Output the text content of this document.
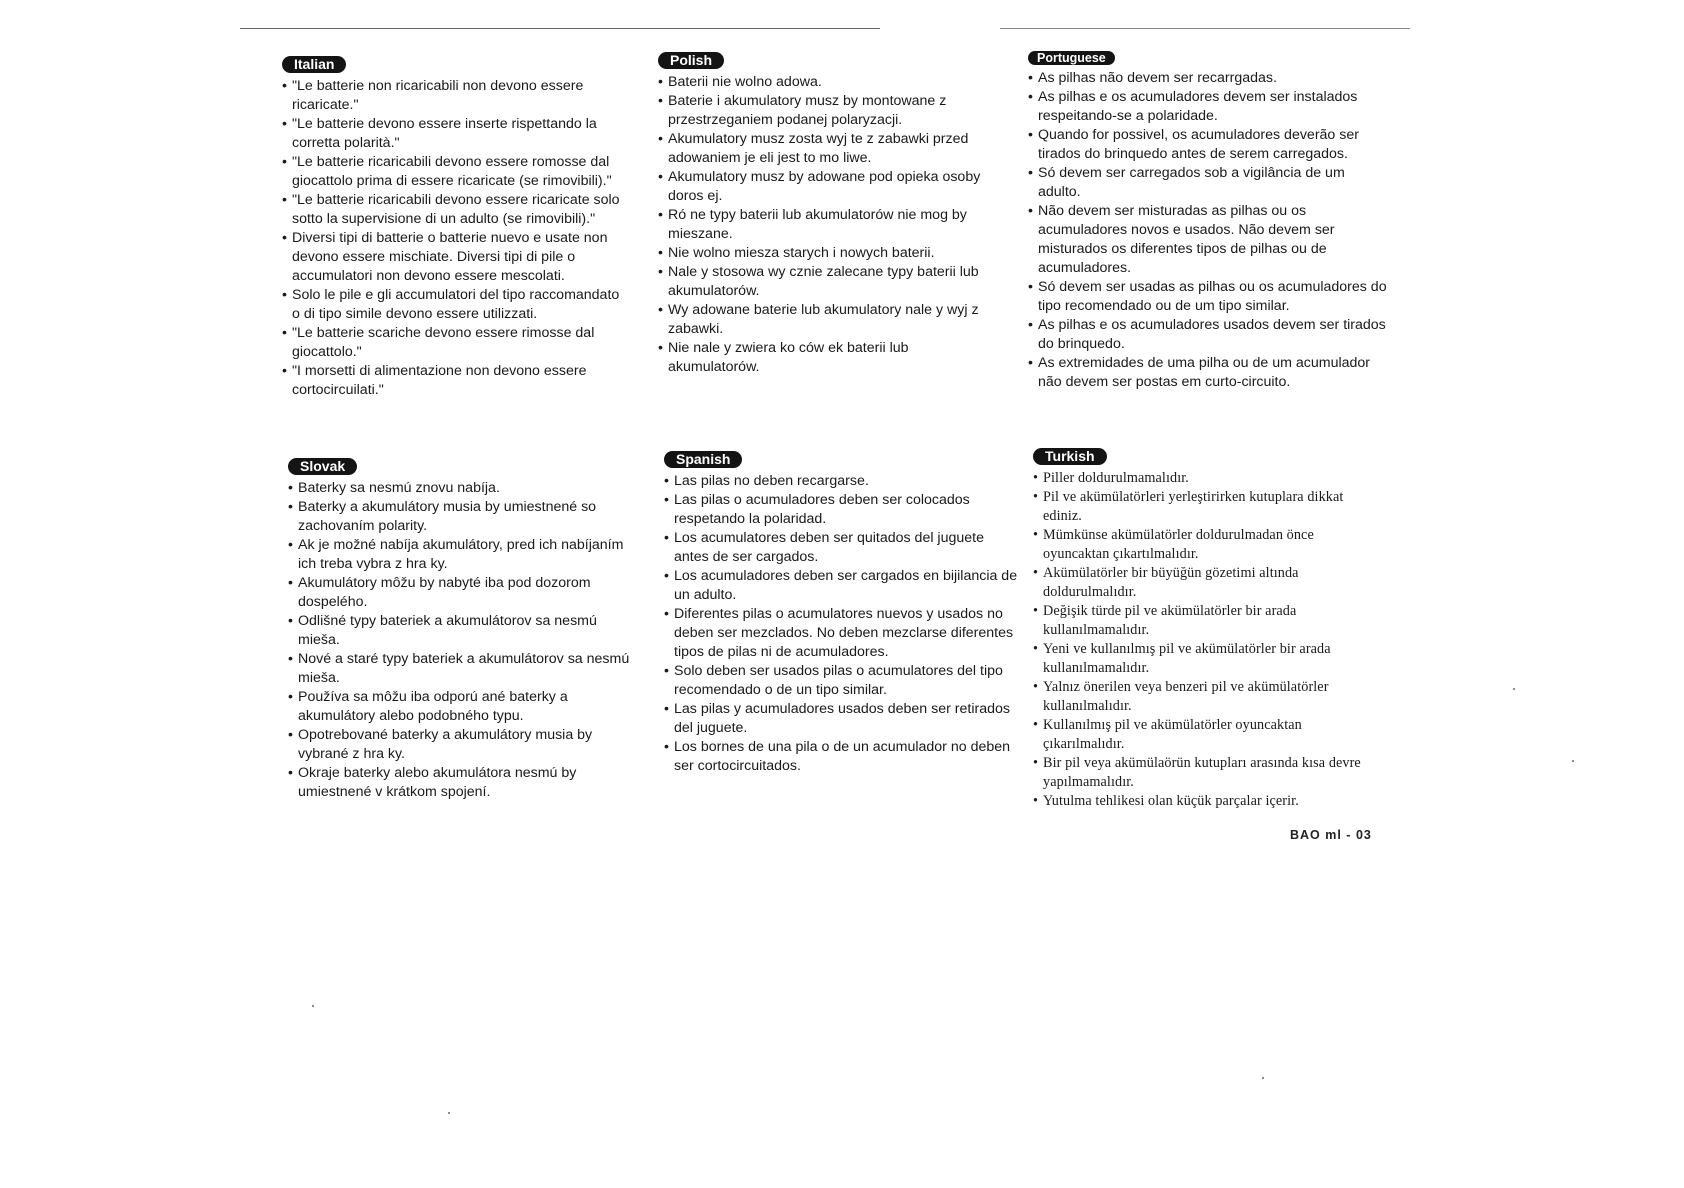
Italian
• "Le batterie non ricaricabili non devono essere ricaricate."
• "Le batterie devono essere inserte rispettando la corretta polarità."
• "Le batterie ricaricabili devono essere romosse dal giocattolo prima di essere ricaricate (se rimovibili)."
• "Le batterie ricaricabili devono essere ricaricate solo sotto la supervisione di un adulto (se rimovibili)."
• Diversi tipi di batterie o batterie nuevo e usate non devono essere mischiate. Diversi tipi di pile o accumulatori non devono essere mescolati.
• Solo le pile e gli accumulatori del tipo raccomandato o di tipo simile devono essere utilizzati.
• "Le batterie scariche devono essere rimosse dal giocattolo."
• "I morsetti di alimentazione non devono essere cortocircuilati."
Polish
• Baterii nie wolno adowa.
• Baterie i akumulatory musz by montowane z przestrzeganiem podanej polaryzacji.
• Akumulatory musz zosta wyj te z zabawki przed adowaniem je eli jest to mo liwe.
• Akumulatory musz by adowane pod opieka osoby doros ej.
• Ró ne typy baterii lub akumulatorów nie mog by mieszane.
• Nie wolno miesza starych i nowych baterii.
• Nale y stosowa wy cznie zalecane typy baterii lub akumulatorów.
• Wy adowane baterie lub akumulatory nale y wyj z zabawki.
• Nie nale y zwiera ko ców ek baterii lub akumulatorów.
Portuguese
• As pilhas não devem ser recarrgadas.
• As pilhas e os acumuladores devem ser instalados respeitando-se a polaridade.
• Quando for possivel, os acumuladores deverão ser tirados do brinquedo antes de serem carregados.
• Só devem ser carregados sob a vigilância de um adulto.
• Não devem ser misturadas as pilhas ou os acumuladores novos e usados. Não devem ser misturados os diferentes tipos de pilhas ou de acumuladores.
• Só devem ser usadas as pilhas ou os acumuladores do tipo recomendado ou de um tipo similar.
• As pilhas e os acumuladores usados devem ser tirados do brinquedo.
• As extremidades de uma pilha ou de um acumulador não devem ser postas em curto-circuito.
Slovak
• Baterky sa nesmú znovu nabíja.
• Baterky a akumulátory musia by umiestnené so zachovaním polarity.
• Ak je možné nabíja akumulátory, pred ich nabíjaním ich treba vybra z hra ky.
• Akumulátory môžu by nabyté iba pod dozorom dospelého.
• Odlišné typy bateriek a akumulátorov sa nesmú mieša.
• Nové a staré typy bateriek a akumulátorov sa nesmú mieša.
• Používa sa môžu iba odporú ané baterky a akumulátory alebo podobného typu.
• Opotrebované baterky a akumulátory musia by vybrané z hra ky.
• Okraje baterky alebo akumulátora nesmú by umiestnené v krátkom spojení.
Spanish
• Las pilas no deben recargarse.
• Las pilas o acumuladores deben ser colocados respetando la polaridad.
• Los acumulatores deben ser quitados del juguete antes de ser cargados.
• Los acumuladores deben ser cargados en bijilancia de un adulto.
• Diferentes pilas o acumulatores nuevos y usados no deben ser mezclados. No deben mezclarse diferentes tipos de pilas ni de acumuladores.
• Solo deben ser usados pilas o acumulatores del tipo recomendado o de un tipo similar.
• Las pilas y acumuladores usados deben ser retirados del juguete.
• Los bornes de una pila o de un acumulador no deben ser cortocircuitados.
Turkish
• Piller doldurulmamalıdır.
• Pil ve akümülatörleri yerleştirirken kutuplara dikkat ediniz.
• Mümkünse akümülatörler doldurulmadan önce oyuncaktan çıkartılmalıdır.
• Akümülatörler bir büyüğün gözetimi altında doldurulmalıdır.
• Değişik türde pil ve akümülatörler bir arada kullanılmamalıdır.
• Yeni ve kullanılmış pil ve akümülatörler bir arada kullanılmamalıdır.
• Yalnız önerilen veya benzeri pil ve akümülatörler kullanılmalıdır.
• Kullanılmış pil ve akümülatörler oyuncaktan çıkarılmalıdır.
• Bir pil veya akümülaörün kutupları arasında kısa devre yapılmamalıdır.
• Yutulma tehlikesi olan küçük parçalar içerir.
BAO ml - 03
